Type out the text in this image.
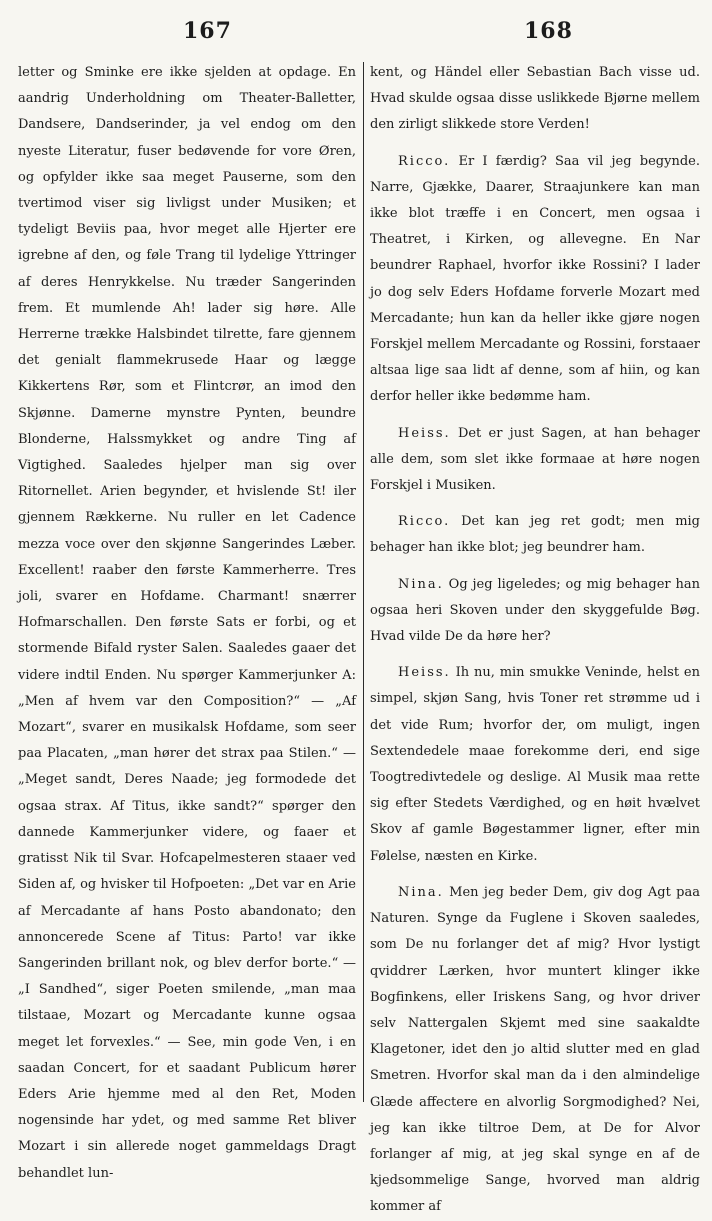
167	168

letter og Sminke ere ikke sjelden at opdage. En aandrig Underholdning om Theater-Balletter, Dandsere, Dandserinder, ja vel endog om den nyeste Literatur, fuser bedøvende for vore Øren, og opfylder ikke saa meget Pauserne, som den tvertimod viser sig livligst under Musiken; et tydeligt Beviis paa, hvor meget alle Hjerter ere igrebne af den, og føle Trang til lydelige Yttringer af deres Henrykkelse. Nu træder Sangerinden frem. Et mumlende Ah! lader sig høre. Alle Herrerne trække Halsbindet tilrette, fare gjennem det genialt flammekrusede Haar og lægge Kikkertens Rør, som et Flintcrør, an imod den Skjønne. Damerne mynstre Pynten, beundre Blonderne, Halssmykket og andre Ting af Vigtighed. Saaledes hjelper man sig over Ritornellet. Arien begynder, et hvislende St! iler gjennem Rækkerne. Nu ruller en let Cadence mezza voce over den skjønne Sangerindes Læber. Excellent! raaber den første Kammerherre. Tres joli, svarer en Hofdame. Charmant! snærrer Hofmarschallen. Den første Sats er forbi, og et stormende Bifald ryster Salen. Saaledes gaaer det videre indtil Enden. Nu spørger Kammerjunker A: „Men af hvem var den Composition?“ — „Af Mozart“, svarer en musikalsk Hofdame, som seer paa Placaten, „man hører det strax paa Stilen.“ — „Meget sandt, Deres Naade; jeg formodede det ogsaa strax. Af Titus, ikke sandt?“ spørger den dannede Kammerjunker videre, og faaer et gratisst Nik til Svar. Hofcapelmesteren staaer ved Siden af, og hvisker til Hofpoeten: „Det var en Arie af Mercadante af hans Posto abandonato; den annoncerede Scene af Titus: Parto! var ikke Sangerinden brillant nok, og blev derfor borte.“ — „I Sandhed“, siger Poeten smilende, „man maa tilstaae, Mozart og Mercadante kunne ogsaa meget let forvexles.“ — See, min gode Ven, i en saadan Concert, for et saadant Publicum hører Eders Arie hjemme med al den Ret, Moden nogensinde har ydet, og med samme Ret bliver Mozart i sin allerede noget gammeldags Dragt behandlet lun-

kent, og Händel eller Sebastian Bach visse ud. Hvad skulde ogsaa disse uslikkede Bjørne mellem den zirligt slikkede store Verden!

Ricco. Er I færdig? Saa vil jeg begynde. Narre, Gjække, Daarer, Straajunkere kan man ikke blot træffe i en Concert, men ogsaa i Theatret, i Kirken, og allevegne. En Nar beundrer Raphael, hvorfor ikke Rossini? I lader jo dog selv Eders Hofdame forverle Mozart med Mercadante; hun kan da heller ikke gjøre nogen Forskjel mellem Mercadante og Rossini, forstaaer altsaa lige saa lidt af denne, som af hiin, og kan derfor heller ikke bedømme ham.

Heiss. Det er just Sagen, at han behager alle dem, som slet ikke formaae at høre nogen Forskjel i Musiken.

Ricco. Det kan jeg ret godt; men mig behager han ikke blot; jeg beundrer ham.

Nina. Og jeg ligeledes; og mig behager han ogsaa heri Skoven under den skyggefulde Bøg. Hvad vilde De da høre her?

Heiss. Ih nu, min smukke Veninde, helst en simpel, skjøn Sang, hvis Toner ret strømme ud i det vide Rum; hvorfor der, om muligt, ingen Sextendedele maae forekomme deri, end sige Toogtredivtedele og deslige. Al Musik maa rette sig efter Stedets Værdighed, og en høit hvælvet Skov af gamle Bøgestammer ligner, efter min Følelse, næsten en Kirke.

Nina. Men jeg beder Dem, giv dog Agt paa Naturen. Synge da Fuglene i Skoven saaledes, som De nu forlanger det af mig? Hvor lystigt qviddrer Lærken, hvor muntert klinger ikke Bogfinkens, eller Iriskens Sang, og hvor driver selv Nattergalen Skjemt med sine saakaldte Klagetoner, idet den jo altid slutter med en glad Smetren. Hvorfor skal man da i den almindelige Glæde affectere en alvorlig Sorgmodighed? Nei, jeg kan ikke tiltroe Dem, at De for Alvor forlanger af mig, at jeg skal synge en af de kjedsommelige Sange, hvorved man aldrig kommer af
